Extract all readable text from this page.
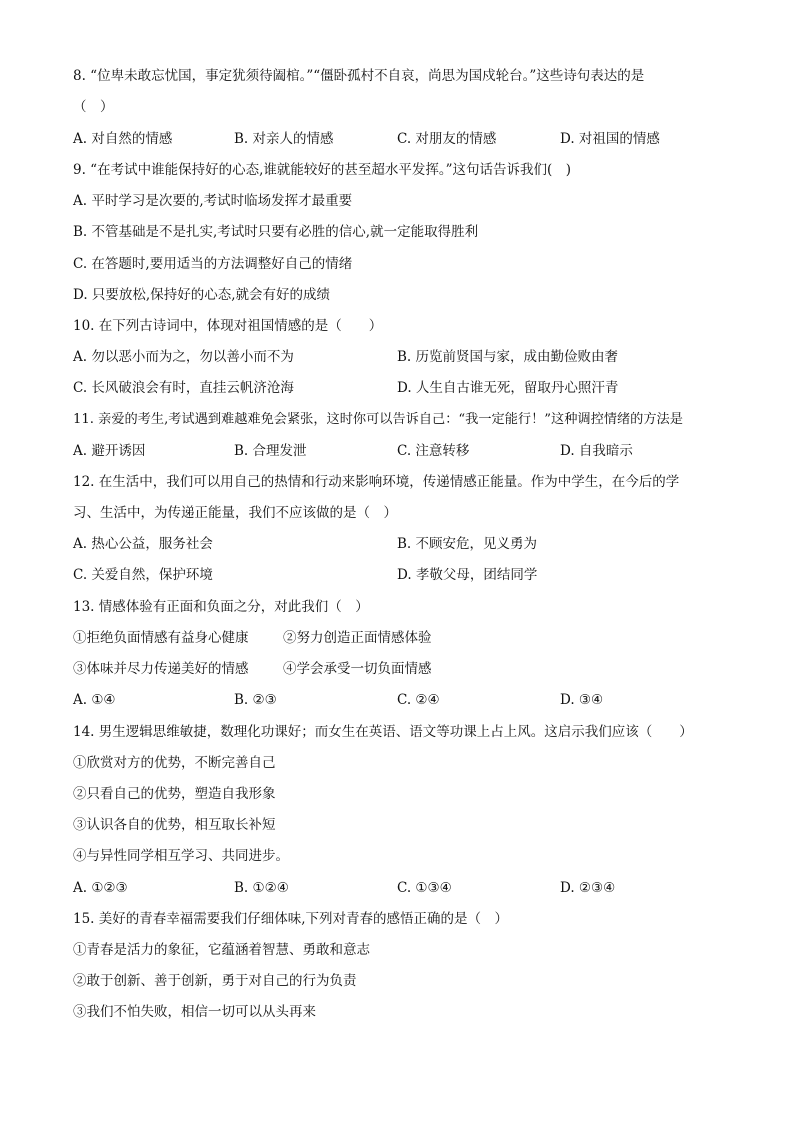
8. “位卑未敢忘忧国，事定犹须待阖棺。”“僵卧孤村不自哀，尚思为国戍轮台。”这些诗句表达的是
（　）
A. 对自然的情感	B. 对亲人的情感	C. 对朋友的情感	D. 对祖国的情感
9. “在考试中谁能保持好的心态,谁就能较好的甚至超水平发挥。”这句话告诉我们(　)
A. 平时学习是次要的,考试时临场发挥才最重要
B. 不管基础是不是扎实,考试时只要有必胜的信心,就一定能取得胜利
C. 在答题时,要用适当的方法调整好自己的情绪
D. 只要放松,保持好的心态,就会有好的成绩
10. 在下列古诗词中，体现对祖国情感的是（　　）
A. 勿以恶小而为之，勿以善小而不为	B. 历览前贤国与家，成由勤俭败由奢
C. 长风破浪会有时，直挂云帆济沧海	D. 人生自古谁无死，留取丹心照汗青
11. 亲爱的考生,考试遇到难越难免会紧张，这时你可以告诉自己：“我一定能行！”这种调控情绪的方法是
A. 避开诱因	B. 合理发泄	C. 注意转移	D. 自我暗示
12. 在生活中，我们可以用自己的热情和行动来影响环境，传递情感正能量。作为中学生，在今后的学
习、生活中，为传递正能量，我们不应该做的是（　）
A. 热心公益，服务社会	B. 不顾安危，见义勇为
C. 关爱自然，保护环境	D. 孝敬父母，团结同学
13. 情感体验有正面和负面之分，对此我们（　）
①拒绝负面情感有益身心健康	②努力创造正面情感体验
③体味并尽力传递美好的情感	④学会承受一切负面情感
A. ①④	B. ②③	C. ②④	D. ③④
14. 男生逻辑思维敏捷，数理化功课好；而女生在英语、语文等功课上占上风。这启示我们应该（　　）
①欣赏对方的优势，不断完善自己
②只看自己的优势，塑造自我形象
③认识各自的优势，相互取长补短
④与异性同学相互学习、共同进步。
A. ①②③	B. ①②④	C. ①③④	D. ②③④
15. 美好的青春幸福需要我们仔细体味,下列对青春的感悟正确的是（　）
①青春是活力的象征，它蕴涵着智慧、勇敢和意志
②敢于创新、善于创新，勇于对自己的行为负责
③我们不怕失败，相信一切可以从头再来
